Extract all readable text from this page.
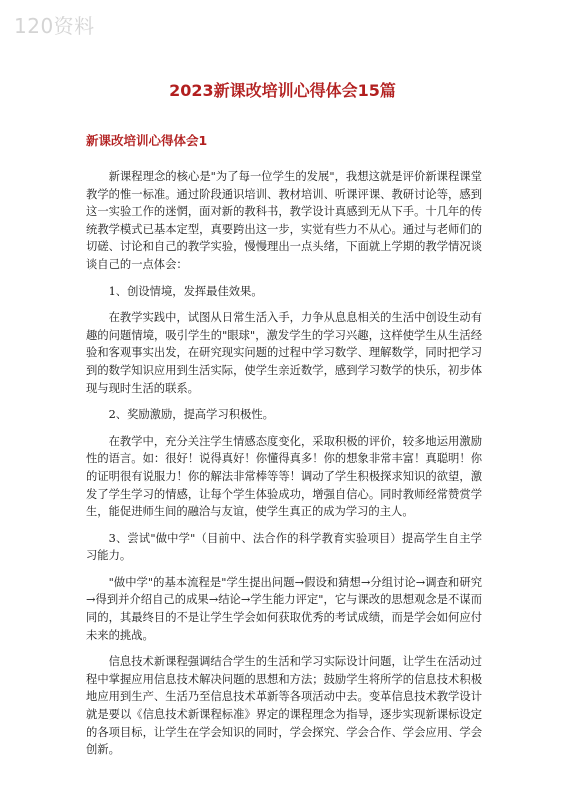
120资料
2023新课改培训心得体会15篇
新课改培训心得体会1

新课程理念的核心是"为了每一位学生的发展"，我想这就是评价新课程课堂教学的惟一标准。通过阶段通识培训、教材培训、听课评课、教研讨论等，感到这一实验工作的迷惘，面对新的教科书，教学设计真感到无从下手。十几年的传统教学模式已基本定型，真要跨出这一步，实觉有些力不从心。通过与老师们的切磋、讨论和自己的教学实验，慢慢理出一点头绪，下面就上学期的教学情况谈谈自己的一点体会：

1、创设情境，发挥最佳效果。

在教学实践中，试图从日常生活入手，力争从息息相关的生活中创设生动有趣的问题情境，吸引学生的"眼球"，激发学生的学习兴趣，这样使学生从生活经验和客观事实出发，在研究现实问题的过程中学习数学、理解数学，同时把学习到的数学知识应用到生活实际，使学生亲近数学，感到学习数学的快乐，初步体现与现时生活的联系。

2、奖励激励，提高学习积极性。

在教学中，充分关注学生情感态度变化，采取积极的评价，较多地运用激励性的语言。如：很好！说得真好！你懂得真多！你的想象非常丰富！真聪明！你的证明很有说服力！你的解法非常棒等等！调动了学生积极探求知识的欲望，激发了学生学习的情感，让每个学生体验成功，增强自信心。同时教师经常赞赏学生，能促进师生间的融洽与友谊，使学生真正的成为学习的主人。

3、尝试"做中学"（目前中、法合作的科学教育实验项目）提高学生自主学习能力。

"做中学"的基本流程是"学生提出问题→假设和猜想→分组讨论→调查和研究→得到并介绍自己的成果→结论→学生能力评定"，它与课改的思想观念是不谋而同的，其最终目的不是让学生学会如何获取优秀的考试成绩，而是学会如何应付未来的挑战。

信息技术新课程强调结合学生的生活和学习实际设计问题，让学生在活动过程中掌握应用信息技术解决问题的思想和方法；鼓励学生将所学的信息技术积极地应用到生产、生活乃至信息技术革新等各项活动中去。变革信息技术教学设计就是要以《信息技术新课程标准》界定的课程理念为指导，逐步实现新课标设定的各项目标，让学生在学会知识的同时，学会探究、学会合作、学会应用、学会创新。
